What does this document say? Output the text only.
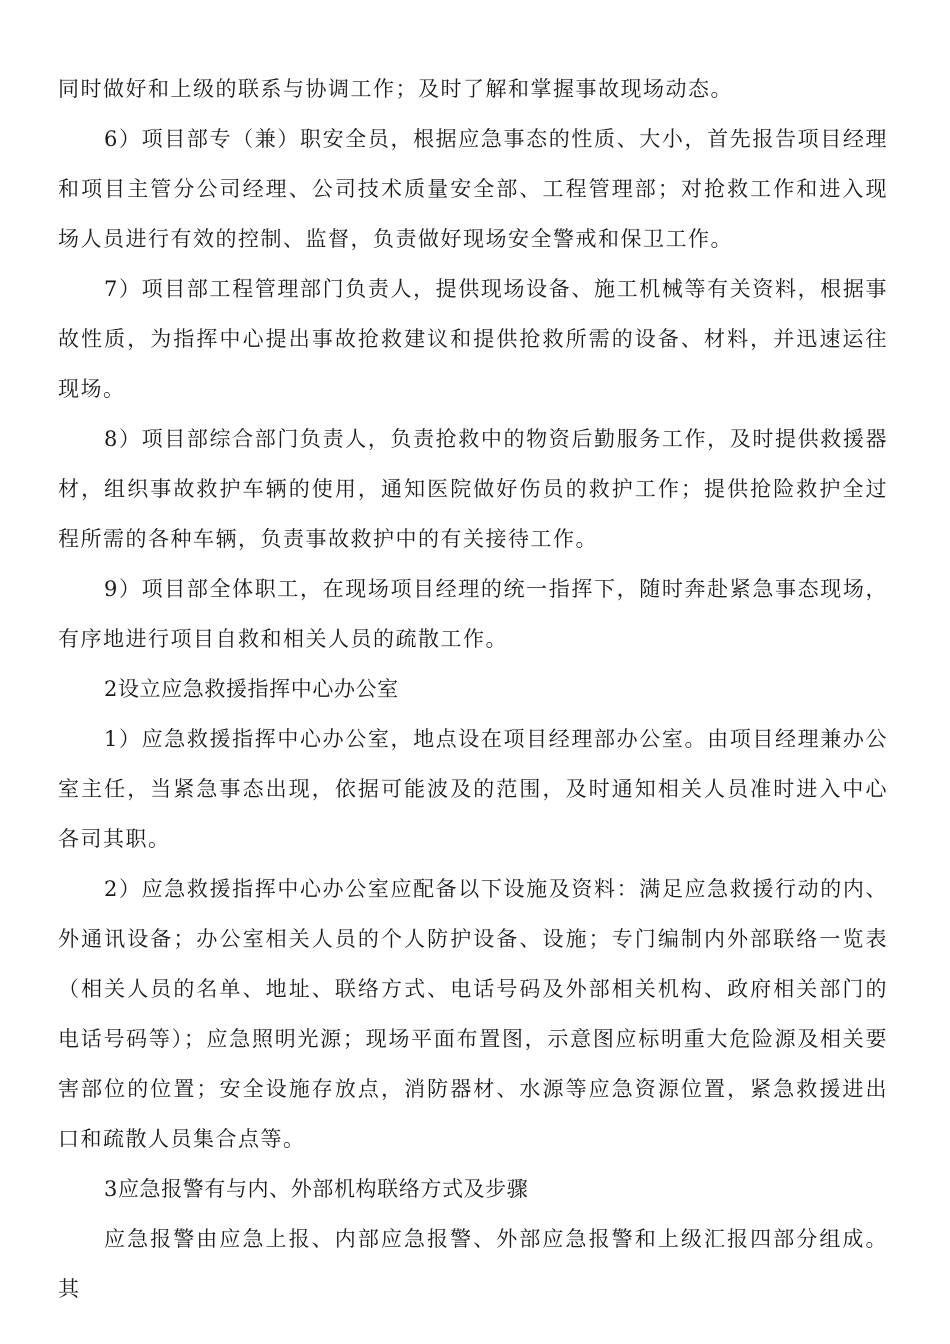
同时做好和上级的联系与协调工作；及时了解和掌握事故现场动态。

6）项目部专（兼）职安全员，根据应急事态的性质、大小，首先报告项目经理和项目主管分公司经理、公司技术质量安全部、工程管理部；对抢救工作和进入现场人员进行有效的控制、监督，负责做好现场安全警戒和保卫工作。

7）项目部工程管理部门负责人，提供现场设备、施工机械等有关资料，根据事故性质，为指挥中心提出事故抢救建议和提供抢救所需的设备、材料，并迅速运往现场。

8）项目部综合部门负责人，负责抢救中的物资后勤服务工作，及时提供救援器材，组织事故救护车辆的使用，通知医院做好伤员的救护工作；提供抢险救护全过程所需的各种车辆，负责事故救护中的有关接待工作。

9）项目部全体职工，在现场项目经理的统一指挥下，随时奔赴紧急事态现场，有序地进行项目自救和相关人员的疏散工作。

2设立应急救援指挥中心办公室

1）应急救援指挥中心办公室，地点设在项目经理部办公室。由项目经理兼办公室主任，当紧急事态出现，依据可能波及的范围，及时通知相关人员准时进入中心各司其职。

2）应急救援指挥中心办公室应配备以下设施及资料：满足应急救援行动的内、外通讯设备；办公室相关人员的个人防护设备、设施；专门编制内外部联络一览表（相关人员的名单、地址、联络方式、电话号码及外部相关机构、政府相关部门的电话号码等）；应急照明光源；现场平面布置图，示意图应标明重大危险源及相关要害部位的位置；安全设施存放点，消防器材、水源等应急资源位置，紧急救援进出口和疏散人员集合点等。

3应急报警有与内、外部机构联络方式及步骤

应急报警由应急上报、内部应急报警、外部应急报警和上级汇报四部分组成。其
